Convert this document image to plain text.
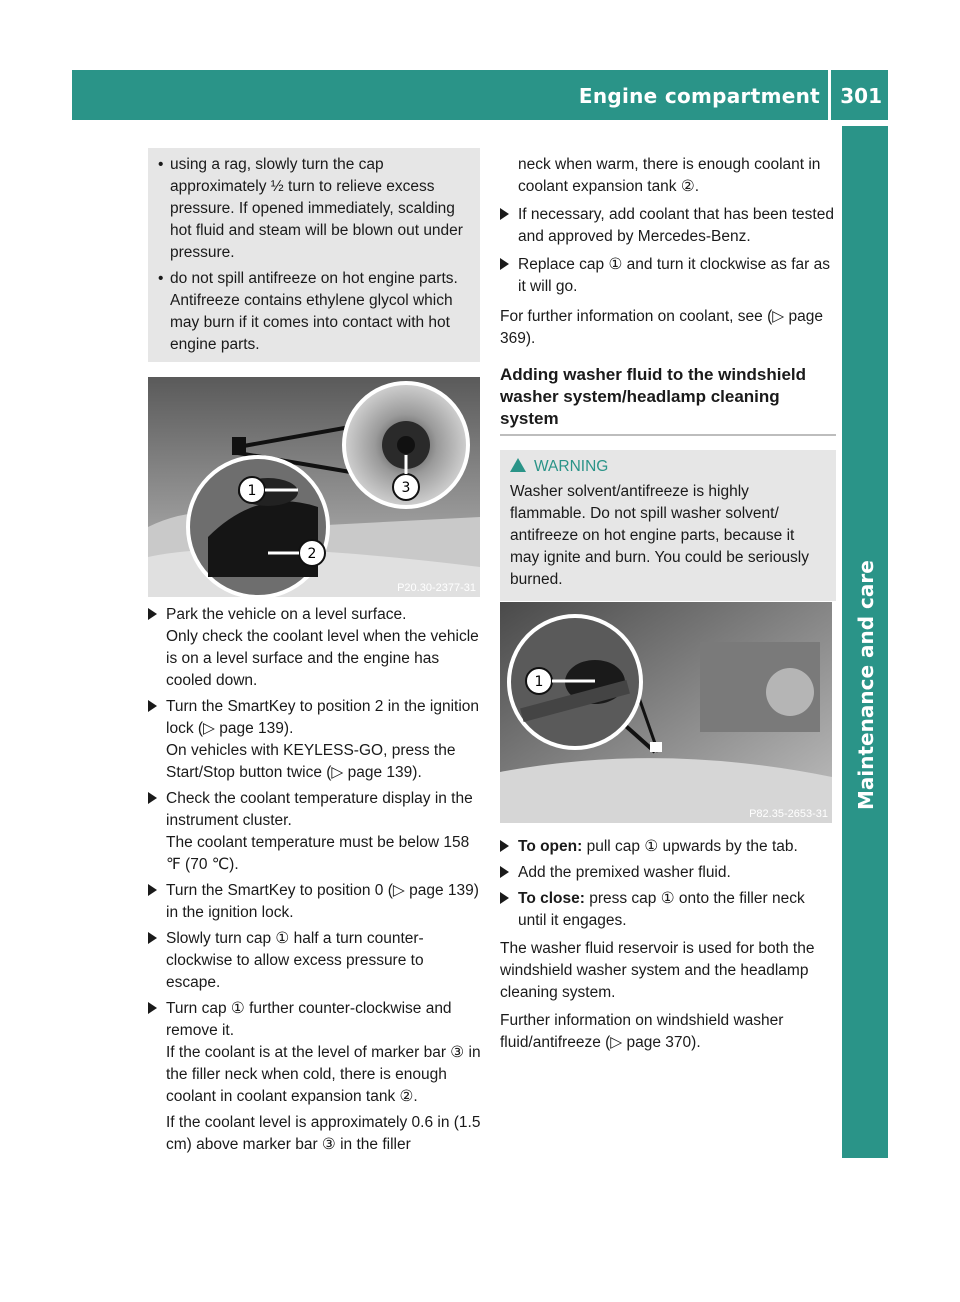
Engine compartment 301
• using a rag, slowly turn the cap approximately ½ turn to relieve excess pressure. If opened immediately, scalding hot fluid and steam will be blown out under pressure.
• do not spill antifreeze on hot engine parts. Antifreeze contains ethylene glycol which may burn if it comes into contact with hot engine parts.
1
2
3
P20.30-2377-31

Park the vehicle on a level surface.

Only check the coolant level when the vehicle is on a level surface and the engine has cooled down.

Turn the SmartKey to position 2 in the ignition lock (▷ page 139).

On vehicles with KEYLESS-GO, press the Start/Stop button twice (▷ page 139).

Check the coolant temperature display in the instrument cluster.

The coolant temperature must be below 158 ℉ (70 ℃).

Turn the SmartKey to position 0 (▷ page 139) in the ignition lock.

Slowly turn cap ① half a turn counter-clockwise to allow excess pressure to escape.

Turn cap ① further counter-clockwise and remove it.

If the coolant is at the level of marker bar ③ in the filler neck when cold, there is enough coolant in coolant expansion tank ②.

If the coolant level is approximately 0.6 in (1.5 cm) above marker bar ③ in the filler

neck when warm, there is enough coolant in coolant expansion tank ②.

If necessary, add coolant that has been tested and approved by Mercedes-Benz.

Replace cap ① and turn it clockwise as far as it will go.

For further information on coolant, see (▷ page 369).

Adding washer fluid to the windshield washer system/headlamp cleaning system
WARNING

Washer solvent/antifreeze is highly flammable. Do not spill washer solvent/ antifreeze on hot engine parts, because it may ignite and burn. You could be seriously burned.

1
P82.35-2653-31

To open: pull cap ① upwards by the tab.

Add the premixed washer fluid.

To close: press cap ① onto the filler neck until it engages.

The washer fluid reservoir is used for both the windshield washer system and the headlamp cleaning system.

Further information on windshield washer fluid/antifreeze (▷ page 370).
